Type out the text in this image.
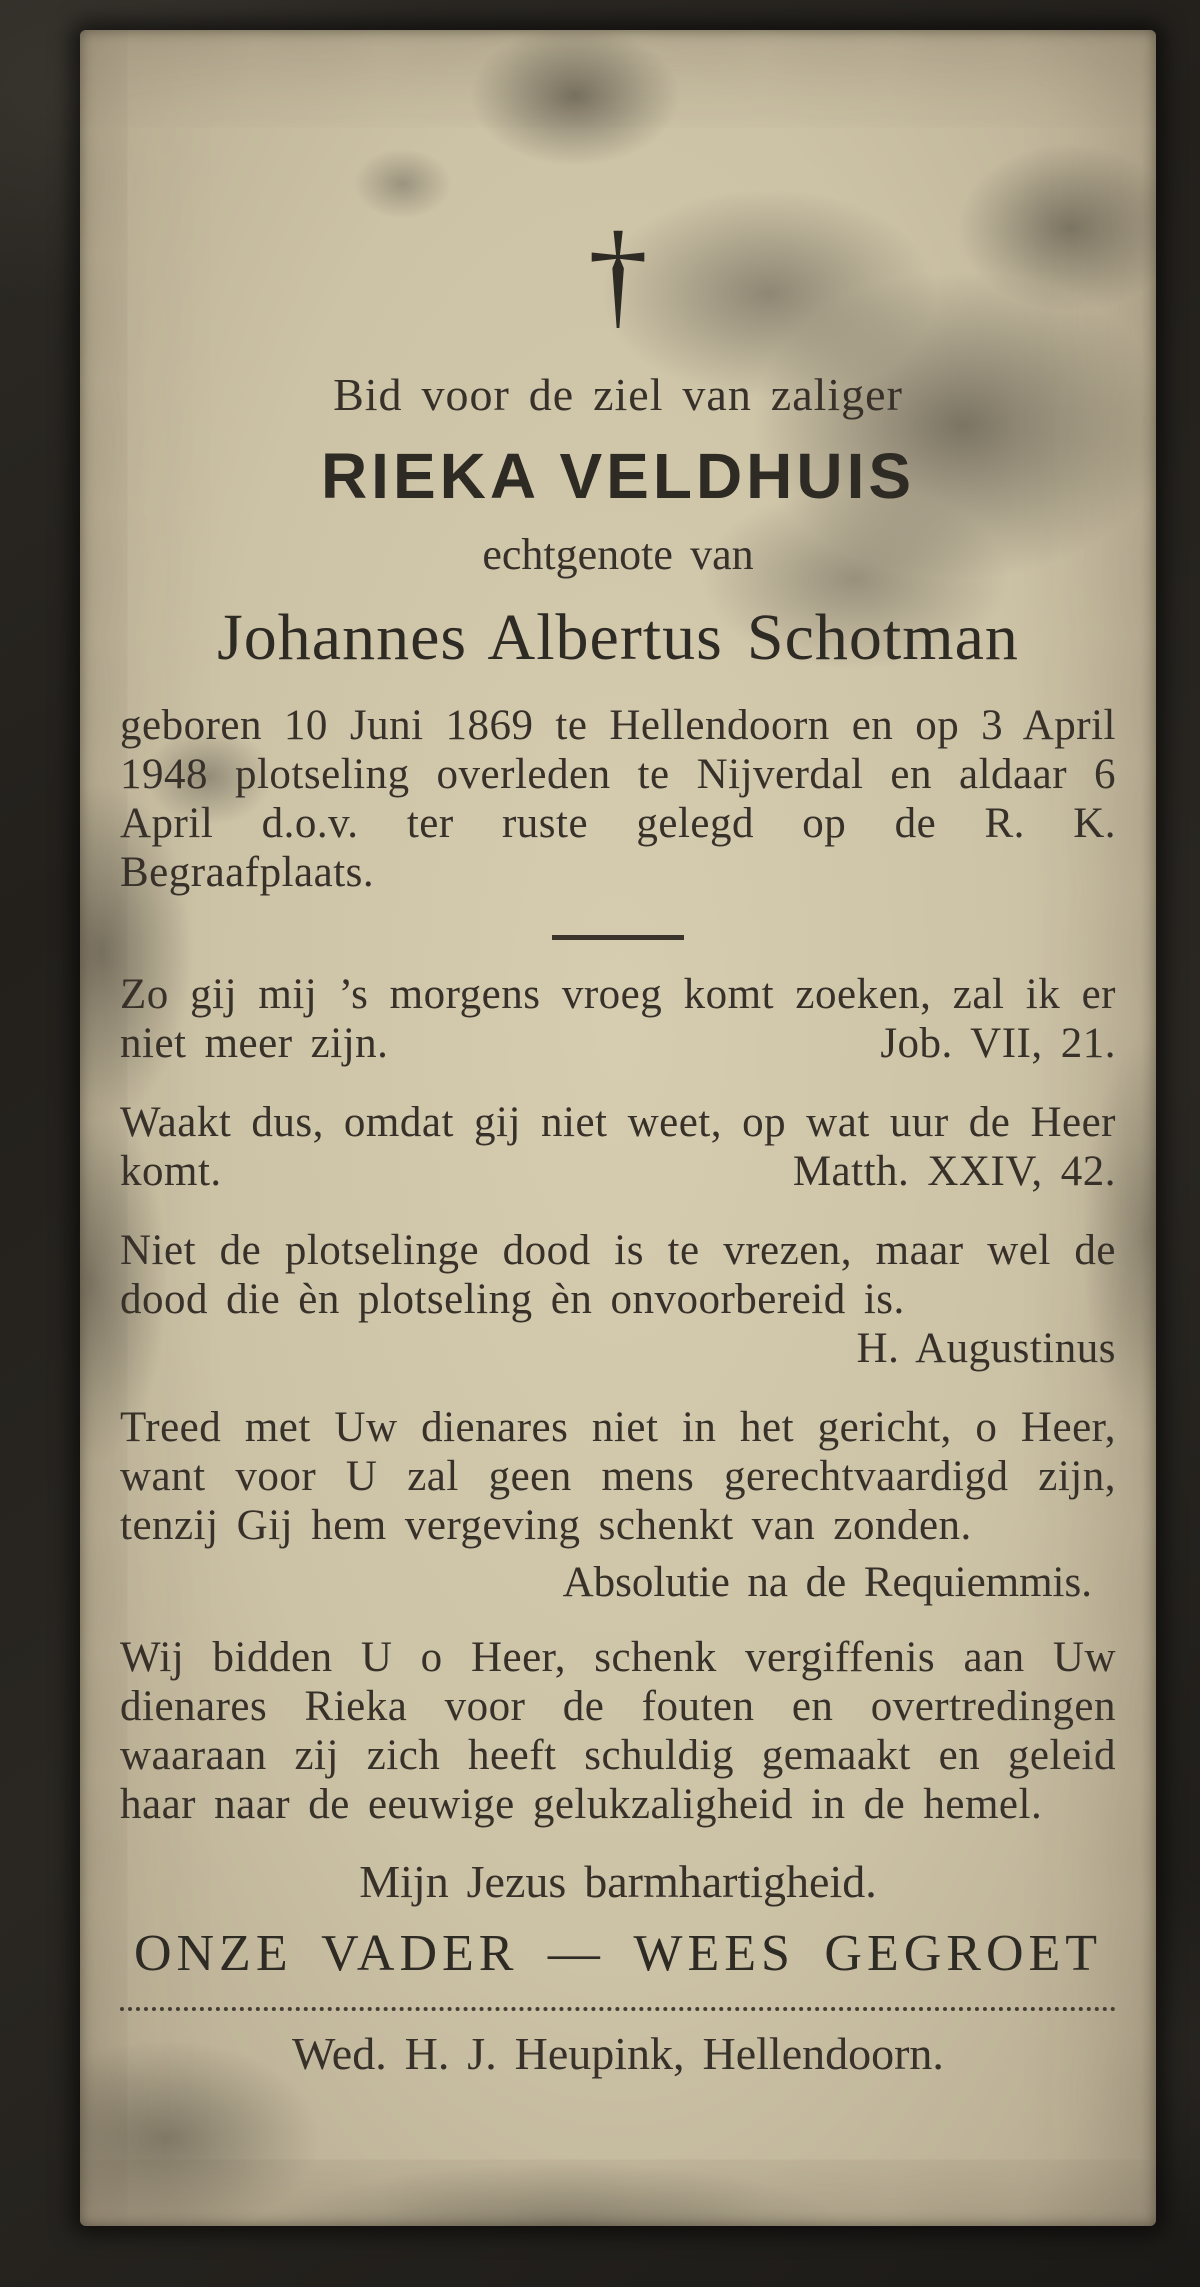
†

Bid voor de ziel van zaliger

RIEKA VELDHUIS

echtgenote van

Johannes Albertus Schotman

geboren 10 Juni 1869 te Hellendoorn en op 3 April 1948 plotseling overleden te Nijverdal en aldaar 6 April d.o.v. ter ruste gelegd op de R. K. Begraafplaats.

Zo gij mij ’s morgens vroeg komt zoeken, zal ik er niet meer zijn.	Job. VII, 21.

Waakt dus, omdat gij niet weet, op wat uur de Heer komt.	Matth. XXIV, 42.

Niet de plotselinge dood is te vrezen, maar wel de dood die èn plotseling èn onvoorbereid is.
H. Augustinus

Treed met Uw dienares niet in het gericht, o Heer, want voor U zal geen mens gerechtvaardigd zijn, tenzij Gij hem vergeving schenkt van zonden.

Absolutie na de Requiemmis.

Wij bidden U o Heer, schenk vergiffenis aan Uw dienares Rieka voor de fouten en overtredingen waaraan zij zich heeft schuldig gemaakt en geleid haar naar de eeuwige gelukzaligheid in de hemel.

Mijn Jezus barmhartigheid.

ONZE VADER — WEES GEGROET

Wed. H. J. Heupink, Hellendoorn.
